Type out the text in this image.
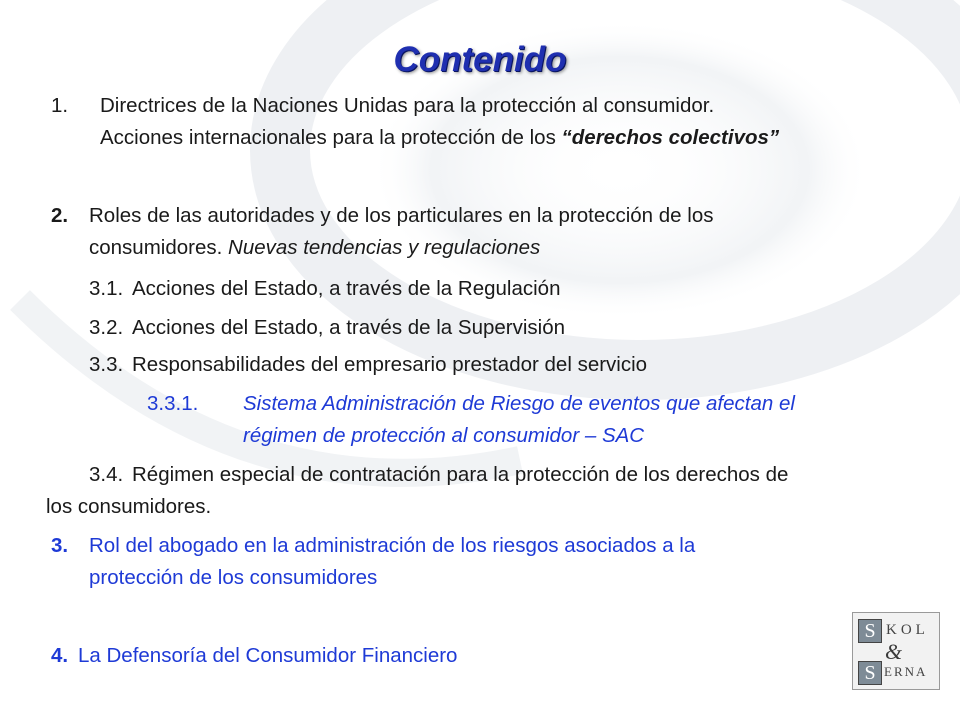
Contenido
1. Directrices de la Naciones Unidas para la protección al consumidor.
Acciones internacionales para la protección de los “derechos colectivos”
2. Roles de las autoridades y de los particulares en la protección de los
consumidores. Nuevas tendencias y regulaciones
3.1. Acciones del Estado, a través de la Regulación
3.2. Acciones del Estado, a través de la Supervisión
3.3. Responsabilidades del empresario prestador del servicio
3.3.1. Sistema Administración de Riesgo de eventos que afectan el
régimen de protección al consumidor – SAC
3.4. Régimen especial de contratación para la protección de los derechos de
los consumidores.
3. Rol del abogado en la administración de los riesgos asociados a la
protección de los consumidores
4. La Defensoría del Consumidor Financiero
S KOL
&
S ERNA
